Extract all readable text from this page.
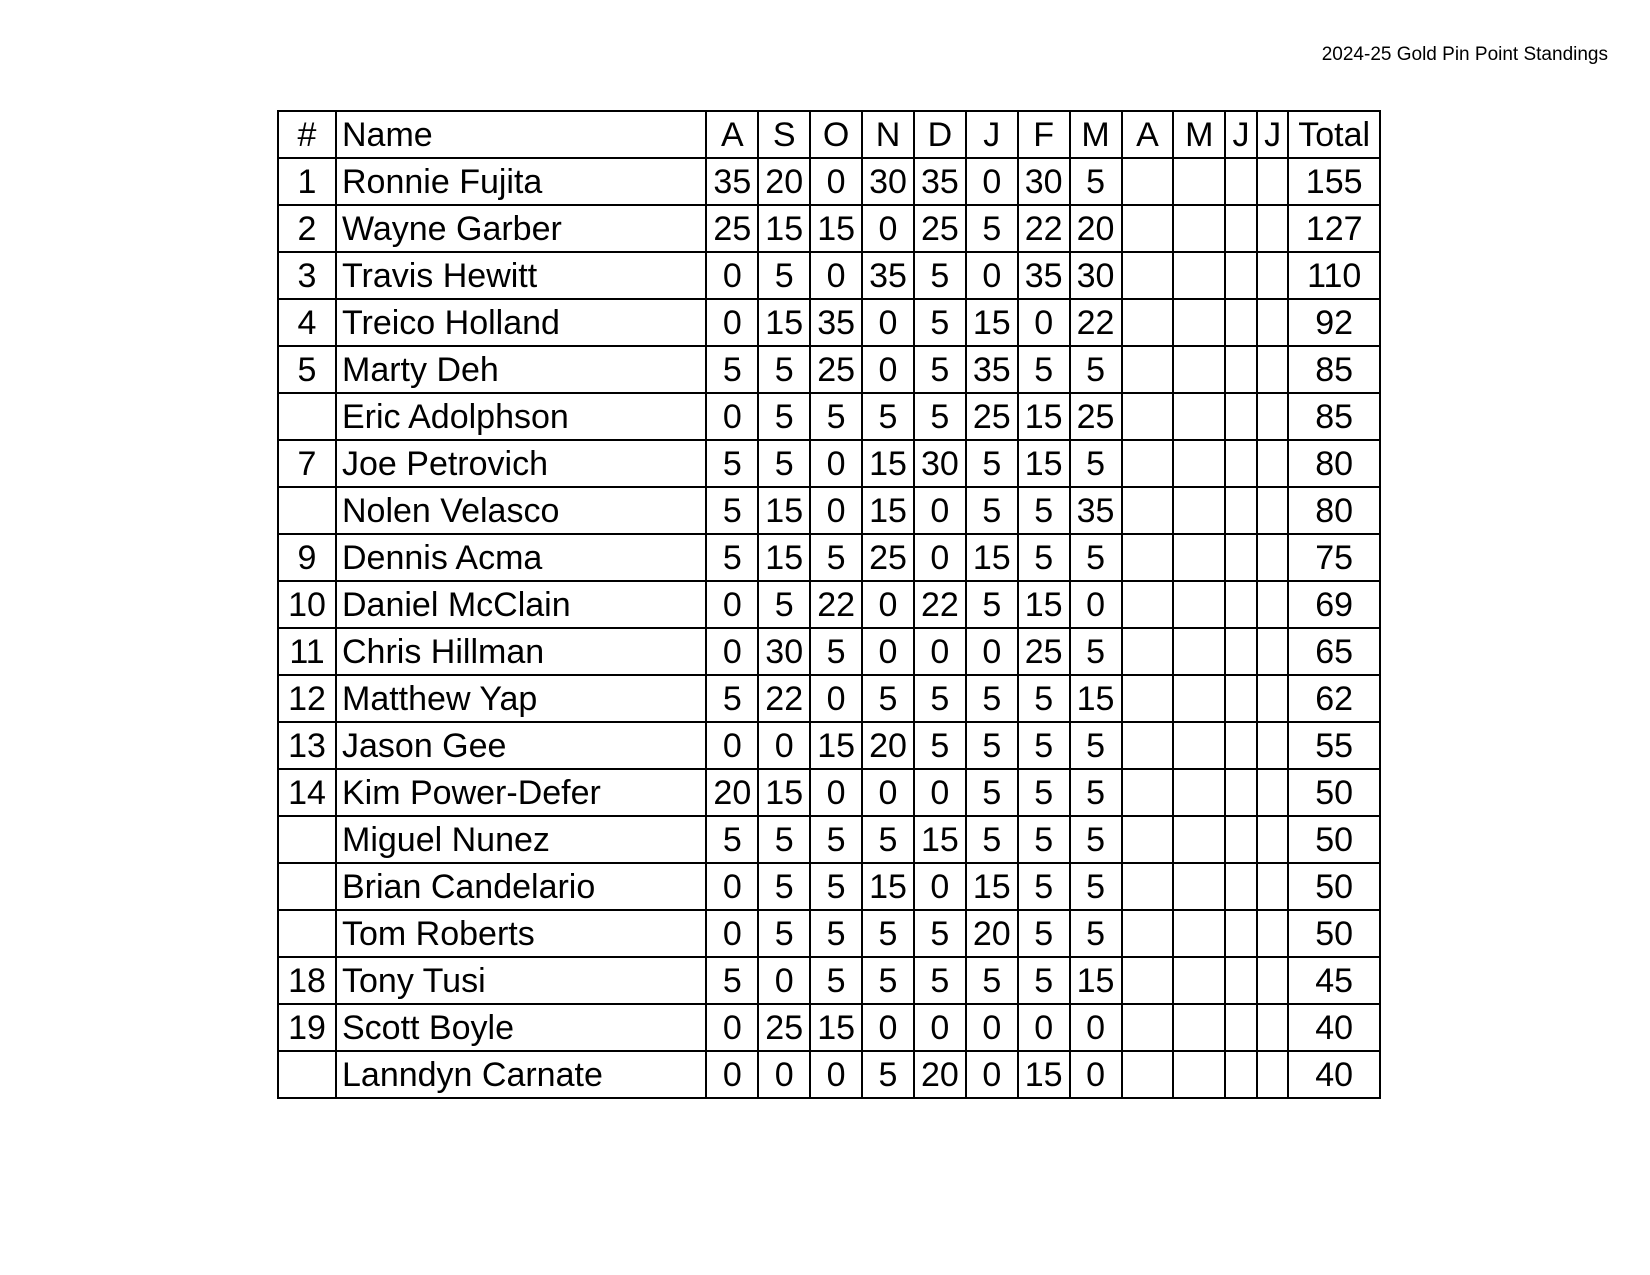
2024-25 Gold Pin Point Standings
#	Name	A	S	O	N	D	J	F	M	A	M	J	J	Total
1	Ronnie Fujita	35	20	0	30	35	0	30	5					155
2	Wayne Garber	25	15	15	0	25	5	22	20					127
3	Travis Hewitt	0	5	0	35	5	0	35	30					110
4	Treico Holland	0	15	35	0	5	15	0	22					92
5	Marty Deh	5	5	25	0	5	35	5	5					85
	Eric Adolphson	0	5	5	5	5	25	15	25					85
7	Joe Petrovich	5	5	0	15	30	5	15	5					80
	Nolen Velasco	5	15	0	15	0	5	5	35					80
9	Dennis Acma	5	15	5	25	0	15	5	5					75
10	Daniel McClain	0	5	22	0	22	5	15	0					69
11	Chris Hillman	0	30	5	0	0	0	25	5					65
12	Matthew Yap	5	22	0	5	5	5	5	15					62
13	Jason Gee	0	0	15	20	5	5	5	5					55
14	Kim Power-Defer	20	15	0	0	0	5	5	5					50
	Miguel Nunez	5	5	5	5	15	5	5	5					50
	Brian Candelario	0	5	5	15	0	15	5	5					50
	Tom Roberts	0	5	5	5	5	20	5	5					50
18	Tony Tusi	5	0	5	5	5	5	5	15					45
19	Scott Boyle	0	25	15	0	0	0	0	0					40
	Lanndyn Carnate	0	0	0	5	20	0	15	0					40
